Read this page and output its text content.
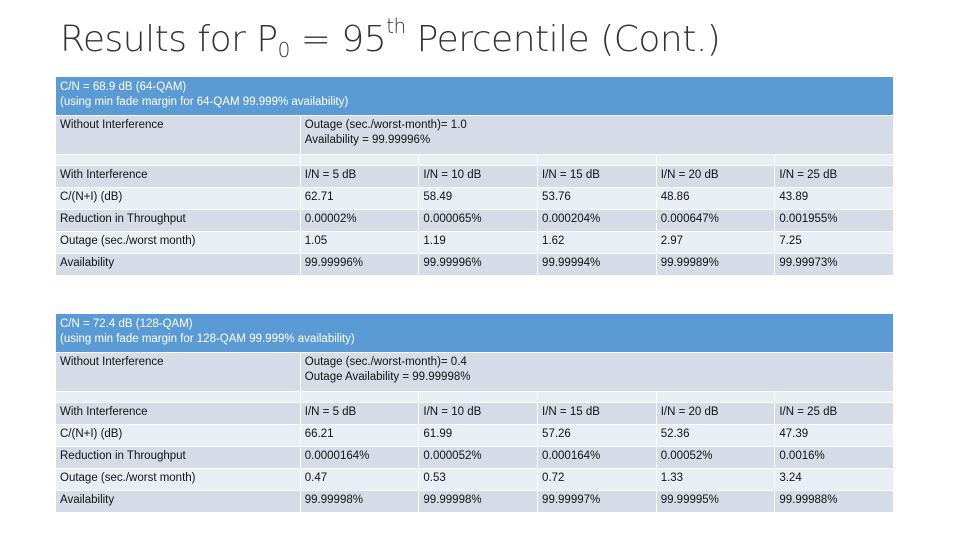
Results for $P_0 = 95th$ Percentile (Cont.)
C/N = 68.9 dB (64-QAM)
(using min fade margin for 64-QAM 99.999% availability)					

Without Interference	Outage (sec./worst-month)= 1.0
Availability = 99.99996%				

With Interference	I/N = 5 dB	I/N = 10 dB	I/N = 15 dB	I/N = 20 dB	I/N = 25 dB
C/(N+I) (dB)	62.71	58.49	53.76	48.86	43.89
Reduction in Throughput	0.00002%	0.000065%	0.000204%	0.000647%	0.001955%
Outage (sec./worst month)	1.05	1.19	1.62	2.97	7.25
Availability	99.99996%	99.99996%	99.99994%	99.99989%	99.99973%
C/N = 72.4 dB (128-QAM)
(using min fade margin for 128-QAM 99.999% availability)					

Without Interference	Outage (sec./worst-month)= 0.4
Outage Availability = 99.99998%				

With Interference	I/N = 5 dB	I/N = 10 dB	I/N = 15 dB	I/N = 20 dB	I/N = 25 dB
C/(N+I) (dB)	66.21	61.99	57.26	52.36	47.39
Reduction in Throughput	0.0000164%	0.000052%	0.000164%	0.00052%	0.0016%
Outage (sec./worst month)	0.47	0.53	0.72	1.33	3.24
Availability	99.99998%	99.99998%	99.99997%	99.99995%	99.99988%
